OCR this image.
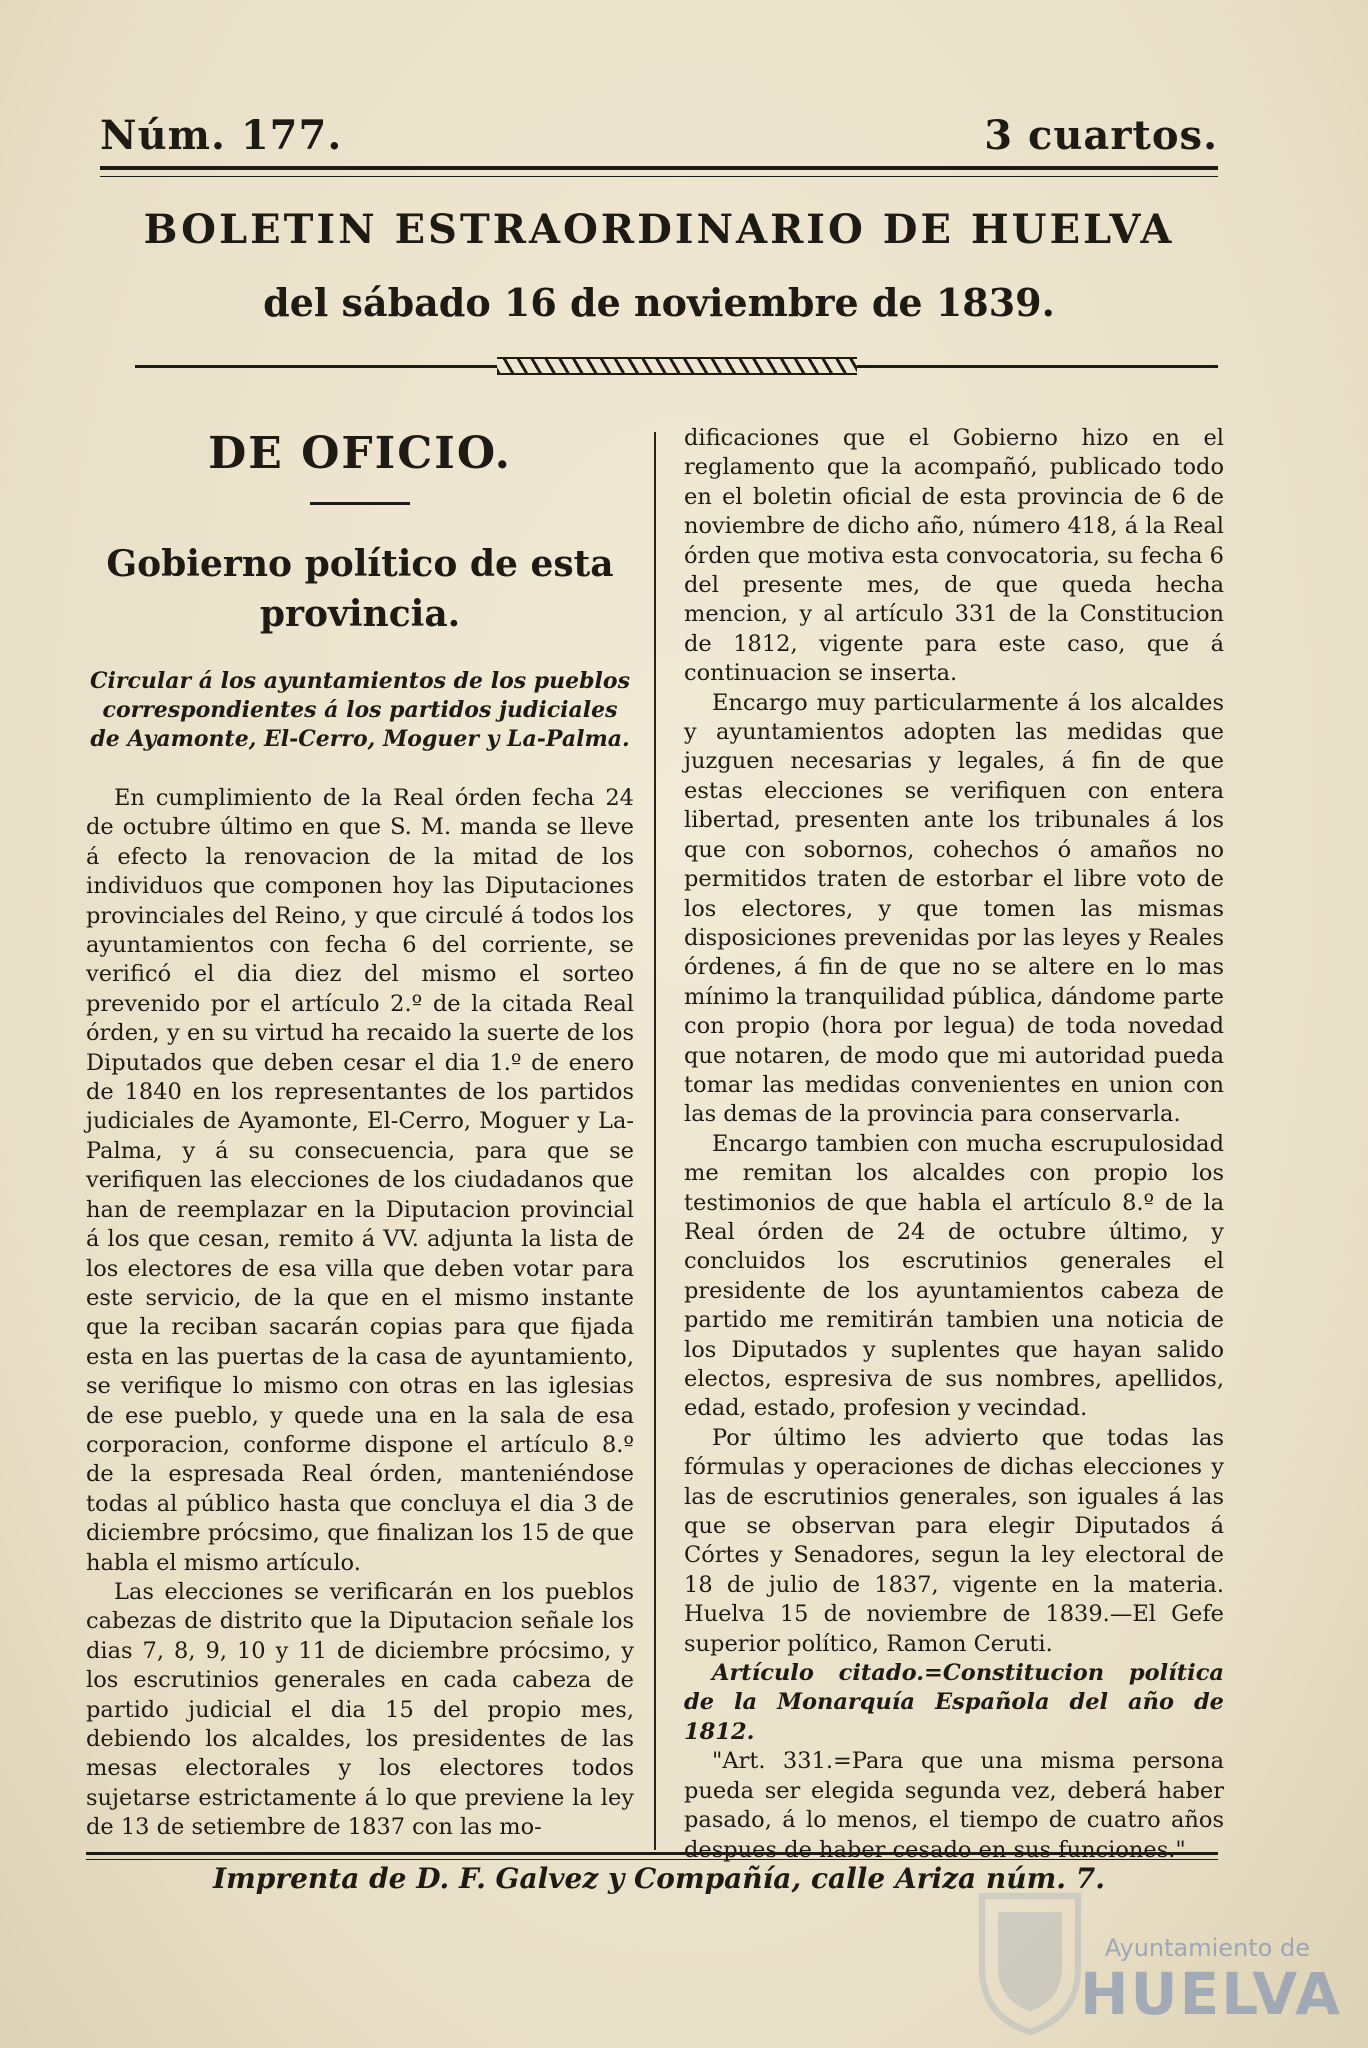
Núm. 177.	3 cuartos.
BOLETIN ESTRAORDINARIO DE HUELVA
del sábado 16 de noviembre de 1839.
DE OFICIO.
Gobierno político de esta provincia.
Circular á los ayuntamientos de los pueblos correspondientes á los partidos judiciales de Ayamonte, El-Cerro, Moguer y La-Palma.

En cumplimiento de la Real órden fecha 24 de octubre último en que S. M. manda se lleve á efecto la renovacion de la mitad de los individuos que componen hoy las Diputaciones provinciales del Reino, y que circulé á todos los ayuntamientos con fecha 6 del corriente, se verificó el dia diez del mismo el sorteo prevenido por el artículo 2.º de la citada Real órden, y en su virtud ha recaido la suerte de los Diputados que deben cesar el dia 1.º de enero de 1840 en los representantes de los partidos judiciales de Ayamonte, El-Cerro, Moguer y La-Palma, y á su consecuencia, para que se verifiquen las elecciones de los ciudadanos que han de reemplazar en la Diputacion provincial á los que cesan, remito á VV. adjunta la lista de los electores de esa villa que deben votar para este servicio, de la que en el mismo instante que la reciban sacarán copias para que fijada esta en las puertas de la casa de ayuntamiento, se verifique lo mismo con otras en las iglesias de ese pueblo, y quede una en la sala de esa corporacion, conforme dispone el artículo 8.º de la espresada Real órden, manteniéndose todas al público hasta que concluya el dia 3 de diciembre prócsimo, que finalizan los 15 de que habla el mismo artículo.

Las elecciones se verificarán en los pueblos cabezas de distrito que la Diputacion señale los dias 7, 8, 9, 10 y 11 de diciembre prócsimo, y los escrutinios generales en cada cabeza de partido judicial el dia 15 del propio mes, debiendo los alcaldes, los presidentes de las mesas electorales y los electores todos sujetarse estrictamente á lo que previene la ley de 13 de setiembre de 1837 con las mo-

dificaciones que el Gobierno hizo en el reglamento que la acompañó, publicado todo en el boletin oficial de esta provincia de 6 de noviembre de dicho año, número 418, á la Real órden que motiva esta convocatoria, su fecha 6 del presente mes, de que queda hecha mencion, y al artículo 331 de la Constitucion de 1812, vigente para este caso, que á continuacion se inserta.

Encargo muy particularmente á los alcaldes y ayuntamientos adopten las medidas que juzguen necesarias y legales, á fin de que estas elecciones se verifiquen con entera libertad, presenten ante los tribunales á los que con sobornos, cohechos ó amaños no permitidos traten de estorbar el libre voto de los electores, y que tomen las mismas disposiciones prevenidas por las leyes y Reales órdenes, á fin de que no se altere en lo mas mínimo la tranquilidad pública, dándome parte con propio (hora por legua) de toda novedad que notaren, de modo que mi autoridad pueda tomar las medidas convenientes en union con las demas de la provincia para conservarla.

Encargo tambien con mucha escrupulosidad me remitan los alcaldes con propio los testimonios de que habla el artículo 8.º de la Real órden de 24 de octubre último, y concluidos los escrutinios generales el presidente de los ayuntamientos cabeza de partido me remitirán tambien una noticia de los Diputados y suplentes que hayan salido electos, espresiva de sus nombres, apellidos, edad, estado, profesion y vecindad.

Por último les advierto que todas las fórmulas y operaciones de dichas elecciones y las de escrutinios generales, son iguales á las que se observan para elegir Diputados á Córtes y Senadores, segun la ley electoral de 18 de julio de 1837, vigente en la materia. Huelva 15 de noviembre de 1839.—El Gefe superior político, Ramon Ceruti.

Artículo citado.=Constitucion política de la Monarquía Española del año de 1812.

"Art. 331.=Para que una misma persona pueda ser elegida segunda vez, deberá haber pasado, á lo menos, el tiempo de cuatro años despues de haber cesado en sus funciones."

Imprenta de D. F. Galvez y Compañía, calle Ariza núm. 7.
Ayuntamiento de
HUELVA
